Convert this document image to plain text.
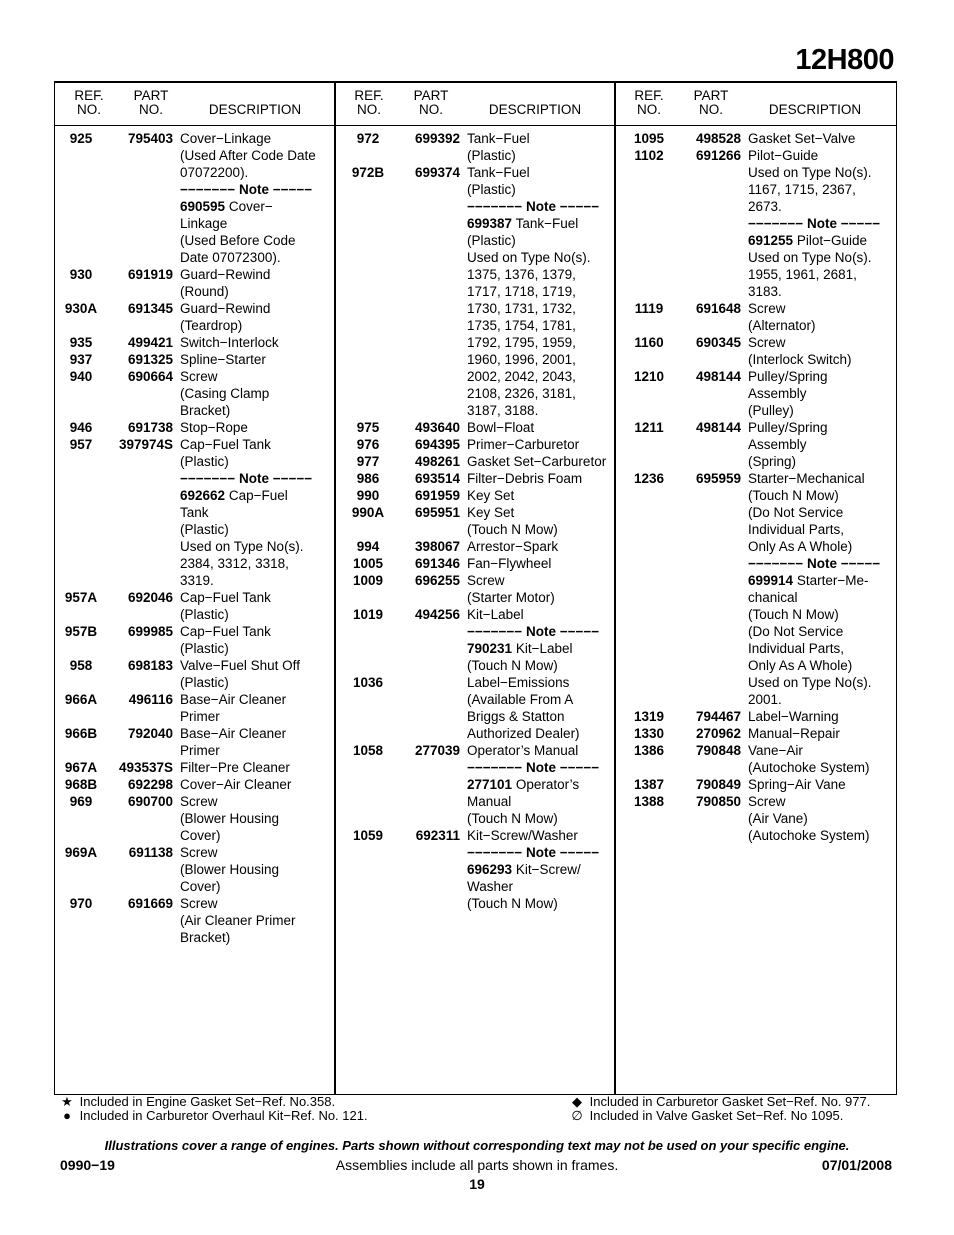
12H800
REF.
NO.
PART
NO.	DESCRIPTION
REF.
NO.
PART
NO.	DESCRIPTION
REF.
NO.
PART
NO.	DESCRIPTION
925	795403 Cover−Linkage
(Used After Code Date
07072200).
−−−−−−− Note −−−−−
690595 Cover−
Linkage
(Used Before Code
Date 07072300).
930	691919 Guard−Rewind
(Round)
930A	691345 Guard−Rewind
(Teardrop)
935	499421 Switch−Interlock
937	691325 Spline−Starter
940	690664 Screw
(Casing Clamp
Bracket)
946	691738 Stop−Rope
957	397974S Cap−Fuel Tank
(Plastic)
−−−−−−− Note −−−−−
692662 Cap−Fuel
Tank
(Plastic)
Used on Type No(s).
2384, 3312, 3318,
3319.
957A	692046 Cap−Fuel Tank
(Plastic)
957B	699985 Cap−Fuel Tank
(Plastic)
958	698183 Valve−Fuel Shut Off
(Plastic)
966A	496116 Base−Air Cleaner
Primer
966B	792040 Base−Air Cleaner
Primer
967A	493537S Filter−Pre Cleaner
968B	692298 Cover−Air Cleaner
969	690700 Screw
(Blower Housing
Cover)
969A	691138 Screw
(Blower Housing
Cover)
970	691669 Screw
(Air Cleaner Primer
Bracket)
972	699392 Tank−Fuel
(Plastic)
972B	699374 Tank−Fuel
(Plastic)
−−−−−−− Note −−−−−
699387 Tank−Fuel
(Plastic)
Used on Type No(s).
1375, 1376, 1379,
1717, 1718, 1719,
1730, 1731, 1732,
1735, 1754, 1781,
1792, 1795, 1959,
1960, 1996, 2001,
2002, 2042, 2043,
2108, 2326, 3181,
3187, 3188.
975	493640 Bowl−Float
976	694395 Primer−Carburetor
977	498261 Gasket Set−Carburetor
986	693514 Filter−Debris Foam
990	691959 Key Set
990A	695951 Key Set
(Touch N Mow)
994	398067 Arrestor−Spark
1005	691346 Fan−Flywheel
1009	696255 Screw
(Starter Motor)
1019	494256 Kit−Label
−−−−−−− Note −−−−−
790231 Kit−Label
(Touch N Mow)
1036	Label−Emissions
(Available From A
Briggs & Statton
Authorized Dealer)
1058	277039 Operator’s Manual
−−−−−−− Note −−−−−
277101 Operator’s
Manual
(Touch N Mow)
1059	692311 Kit−Screw/Washer
−−−−−−− Note −−−−−
696293 Kit−Screw/
Washer
(Touch N Mow)
1095	498528 Gasket Set−Valve
1102	691266 Pilot−Guide
Used on Type No(s).
1167, 1715, 2367,
2673.
−−−−−−− Note −−−−−
691255 Pilot−Guide
Used on Type No(s).
1955, 1961, 2681,
3183.
1119	691648 Screw
(Alternator)
1160	690345 Screw
(Interlock Switch)
1210	498144 Pulley/Spring
Assembly
(Pulley)
1211	498144 Pulley/Spring
Assembly
(Spring)
1236	695959 Starter−Mechanical
(Touch N Mow)
(Do Not Service
Individual Parts,
Only As A Whole)
−−−−−−− Note −−−−−
699914 Starter−Me-
chanical
(Touch N Mow)
(Do Not Service
Individual Parts,
Only As A Whole)
Used on Type No(s).
2001.
1319	794467 Label−Warning
1330	270962 Manual−Repair
1386	790848 Vane−Air
(Autochoke System)
1387	790849 Spring−Air Vane
1388	790850 Screw
(Air Vane)
(Autochoke System)
★ Included in Engine Gasket Set−Ref. No.358.
● Included in Carburetor Overhaul Kit−Ref. No. 121.
◆ Included in Carburetor Gasket Set−Ref. No. 977.
∅ Included in Valve Gasket Set−Ref. No 1095.
Illustrations cover a range of engines. Parts shown without corresponding text may not be used on your specific engine.
0990−19	Assemblies include all parts shown in frames.	07/01/2008
19
